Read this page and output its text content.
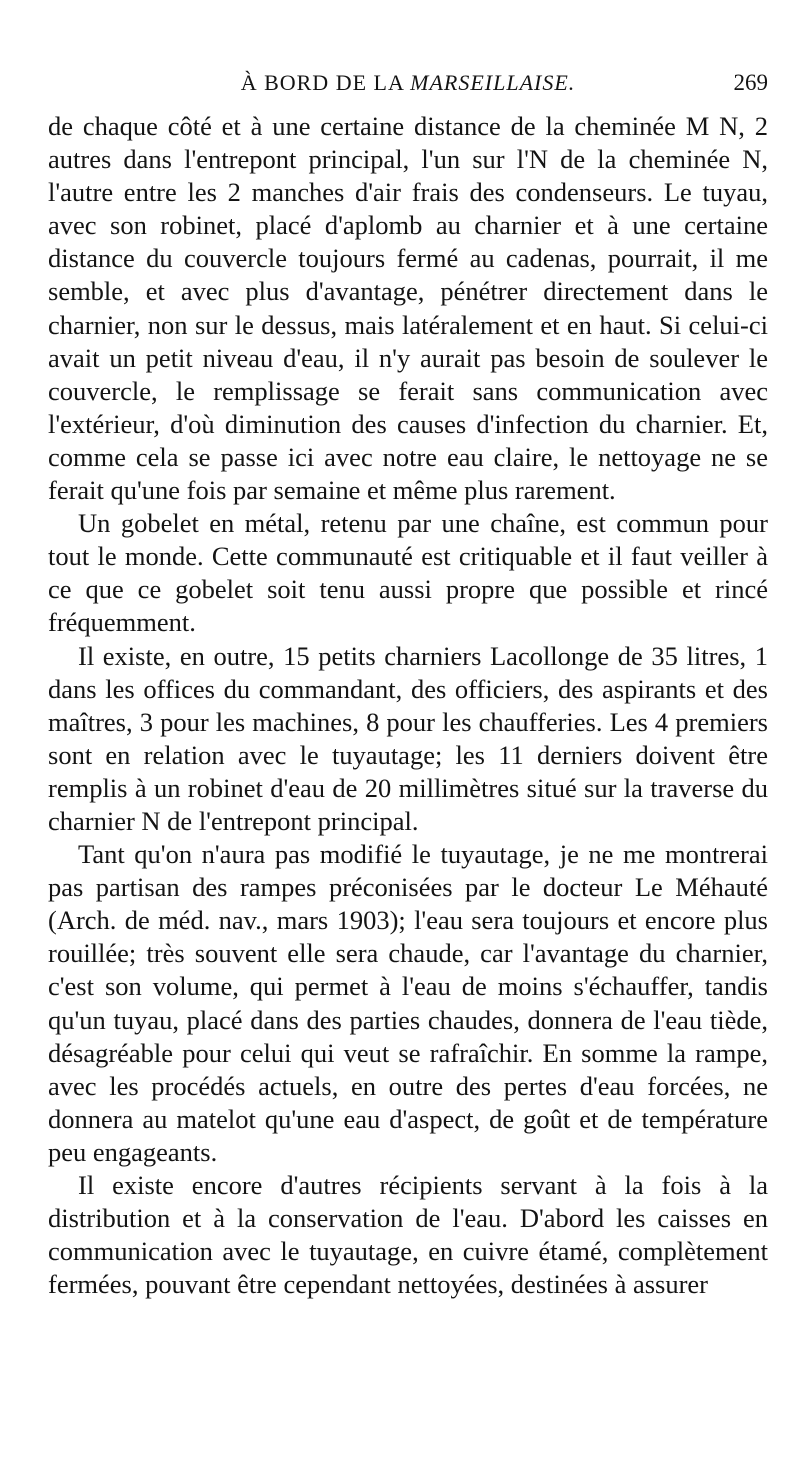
À BORD DE LA MARSEILLAISE.	269

de chaque côté et à une certaine distance de la cheminée M N, 2 autres dans l'entrepont principal, l'un sur l'N de la cheminée N, l'autre entre les 2 manches d'air frais des condenseurs. Le tuyau, avec son robinet, placé d'aplomb au charnier et à une certaine distance du couvercle toujours fermé au cadenas, pourrait, il me semble, et avec plus d'avantage, pénétrer directement dans le charnier, non sur le dessus, mais latéralement et en haut. Si celui-ci avait un petit niveau d'eau, il n'y aurait pas besoin de soulever le couvercle, le remplissage se ferait sans communication avec l'extérieur, d'où diminution des causes d'infection du charnier. Et, comme cela se passe ici avec notre eau claire, le nettoyage ne se ferait qu'une fois par semaine et même plus rarement.

Un gobelet en métal, retenu par une chaîne, est commun pour tout le monde. Cette communauté est critiquable et il faut veiller à ce que ce gobelet soit tenu aussi propre que possible et rincé fréquemment.

Il existe, en outre, 15 petits charniers Lacollonge de 35 litres, 1 dans les offices du commandant, des officiers, des aspirants et des maîtres, 3 pour les machines, 8 pour les chaufferies. Les 4 premiers sont en relation avec le tuyautage; les 11 derniers doivent être remplis à un robinet d'eau de 20 millimètres situé sur la traverse du charnier N de l'entrepont principal.

Tant qu'on n'aura pas modifié le tuyautage, je ne me montrerai pas partisan des rampes préconisées par le docteur Le Méhauté (Arch. de méd. nav., mars 1903); l'eau sera toujours et encore plus rouillée; très souvent elle sera chaude, car l'avantage du charnier, c'est son volume, qui permet à l'eau de moins s'échauffer, tandis qu'un tuyau, placé dans des parties chaudes, donnera de l'eau tiède, désagréable pour celui qui veut se rafraîchir. En somme la rampe, avec les procédés actuels, en outre des pertes d'eau forcées, ne donnera au matelot qu'une eau d'aspect, de goût et de température peu engageants.

Il existe encore d'autres récipients servant à la fois à la distribution et à la conservation de l'eau. D'abord les caisses en communication avec le tuyautage, en cuivre étamé, complètement fermées, pouvant être cependant nettoyées, destinées à assurer
